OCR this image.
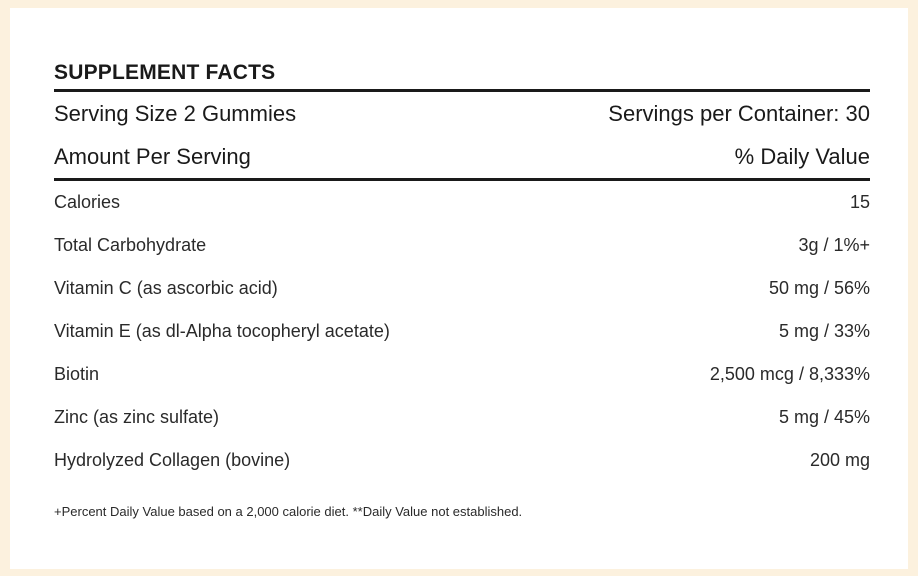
SUPPLEMENT FACTS
Serving Size 2 Gummies	Servings per Container: 30
Amount Per Serving	% Daily Value
Calories	15
Total Carbohydrate	3g / 1%+
Vitamin C (as ascorbic acid)	50 mg / 56%
Vitamin E (as dl-Alpha tocopheryl acetate)	5 mg / 33%
Biotin	2,500 mcg / 8,333%
Zinc (as zinc sulfate)	5 mg / 45%
Hydrolyzed Collagen (bovine)	200 mg
+Percent Daily Value based on a 2,000 calorie diet. **Daily Value not established.
